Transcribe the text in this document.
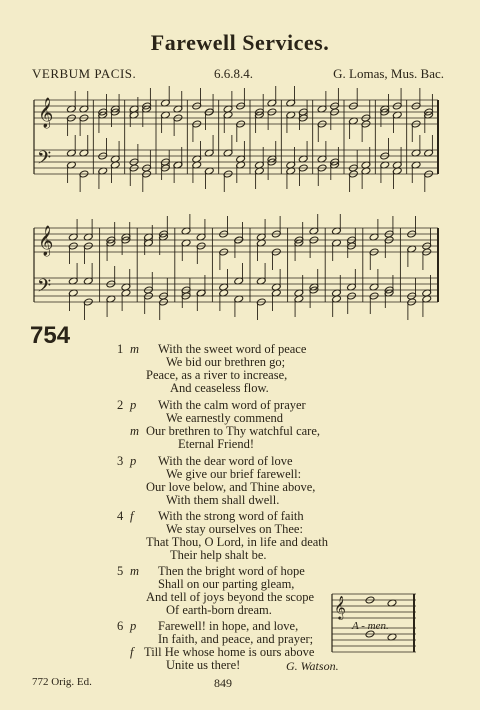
Farewell Services.
VERBUM PACIS.	6.6.8.4.	G. Lomas, Mus. Bac.
𝄞
𝄢
𝄞
𝄢
754	1 m With the sweet word of peace
We bid our brethren go;
Peace, as a river to increase,
And ceaseless flow.
2 p With the calm word of prayer
We earnestly commend
m Our brethren to Thy watchful care,
Eternal Friend!
3 p With the dear word of love
We give our brief farewell:
Our love below, and Thine above,
With them shall dwell.
4 f With the strong word of faith
We stay ourselves on Thee:
That Thou, O Lord, in life and death
Their help shalt be.
5 m Then the bright word of hope
Shall on our parting gleam,
And tell of joys beyond the scope
Of earth-born dream.
6 p Farewell! in hope, and love,
In faith, and peace, and prayer;
f Till He whose home is ours above
Unite us there!
𝄞
A - men.
G. Watson.
772 Orig. Ed.	849
